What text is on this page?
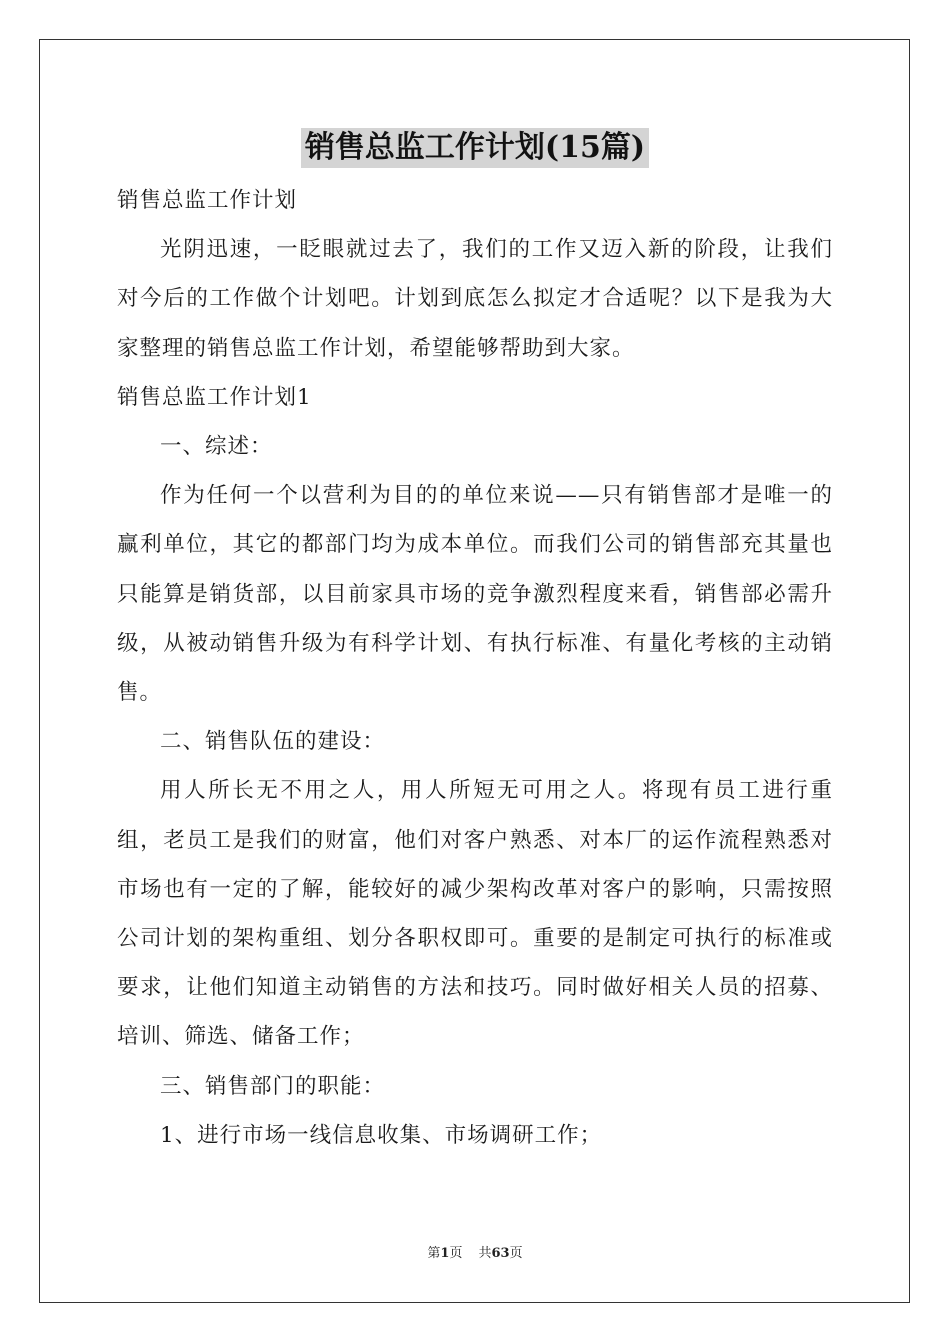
销售总监工作计划(15篇)

销售总监工作计划

光阴迅速，一眨眼就过去了，我们的工作又迈入新的阶段，让我们对今后的工作做个计划吧。计划到底怎么拟定才合适呢？以下是我为大家整理的销售总监工作计划，希望能够帮助到大家。

销售总监工作计划1

一、综述：

作为任何一个以营利为目的的单位来说——只有销售部才是唯一的赢利单位，其它的都部门均为成本单位。而我们公司的销售部充其量也只能算是销货部，以目前家具市场的竞争激烈程度来看，销售部必需升级，从被动销售升级为有科学计划、有执行标准、有量化考核的主动销售。

二、销售队伍的建设：

用人所长无不用之人，用人所短无可用之人。将现有员工进行重组，老员工是我们的财富，他们对客户熟悉、对本厂的运作流程熟悉对市场也有一定的了解，能较好的减少架构改革对客户的影响，只需按照公司计划的架构重组、划分各职权即可。重要的是制定可执行的标准或要求，让他们知道主动销售的方法和技巧。同时做好相关人员的招募、培训、筛选、储备工作；

三、销售部门的职能：

1、进行市场一线信息收集、市场调研工作；

第1页 共63页
